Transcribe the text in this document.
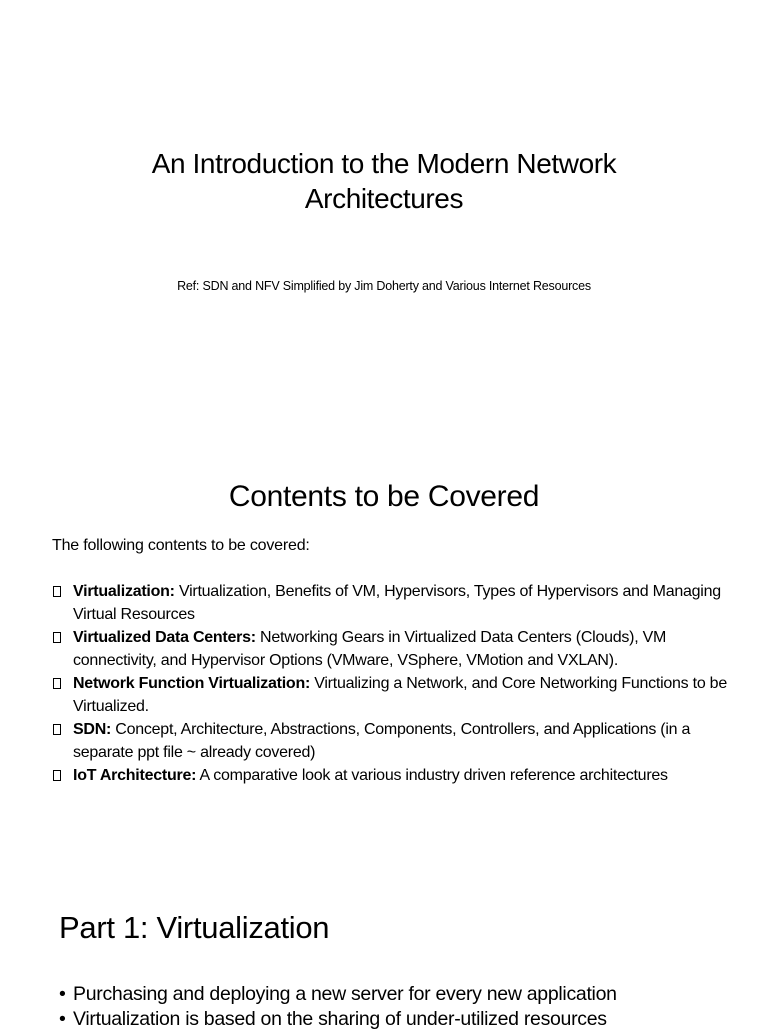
An Introduction to the Modern Network Architectures
Ref: SDN and NFV Simplified by Jim Doherty and Various Internet Resources
Contents to be Covered
The following contents to be covered:
Virtualization: Virtualization, Benefits of VM, Hypervisors, Types of Hypervisors and Managing Virtual Resources
Virtualized Data Centers: Networking Gears in Virtualized Data Centers (Clouds), VM connectivity, and Hypervisor Options (VMware, VSphere, VMotion and VXLAN).
Network Function Virtualization: Virtualizing a Network, and Core Networking Functions to be Virtualized.
SDN: Concept, Architecture, Abstractions, Components, Controllers, and Applications (in a separate ppt file ~ already covered)
IoT Architecture: A comparative look at various industry driven reference architectures
Part 1: Virtualization
• Purchasing and deploying a new server for every new application
• Virtualization is based on the sharing of under-utilized resources
